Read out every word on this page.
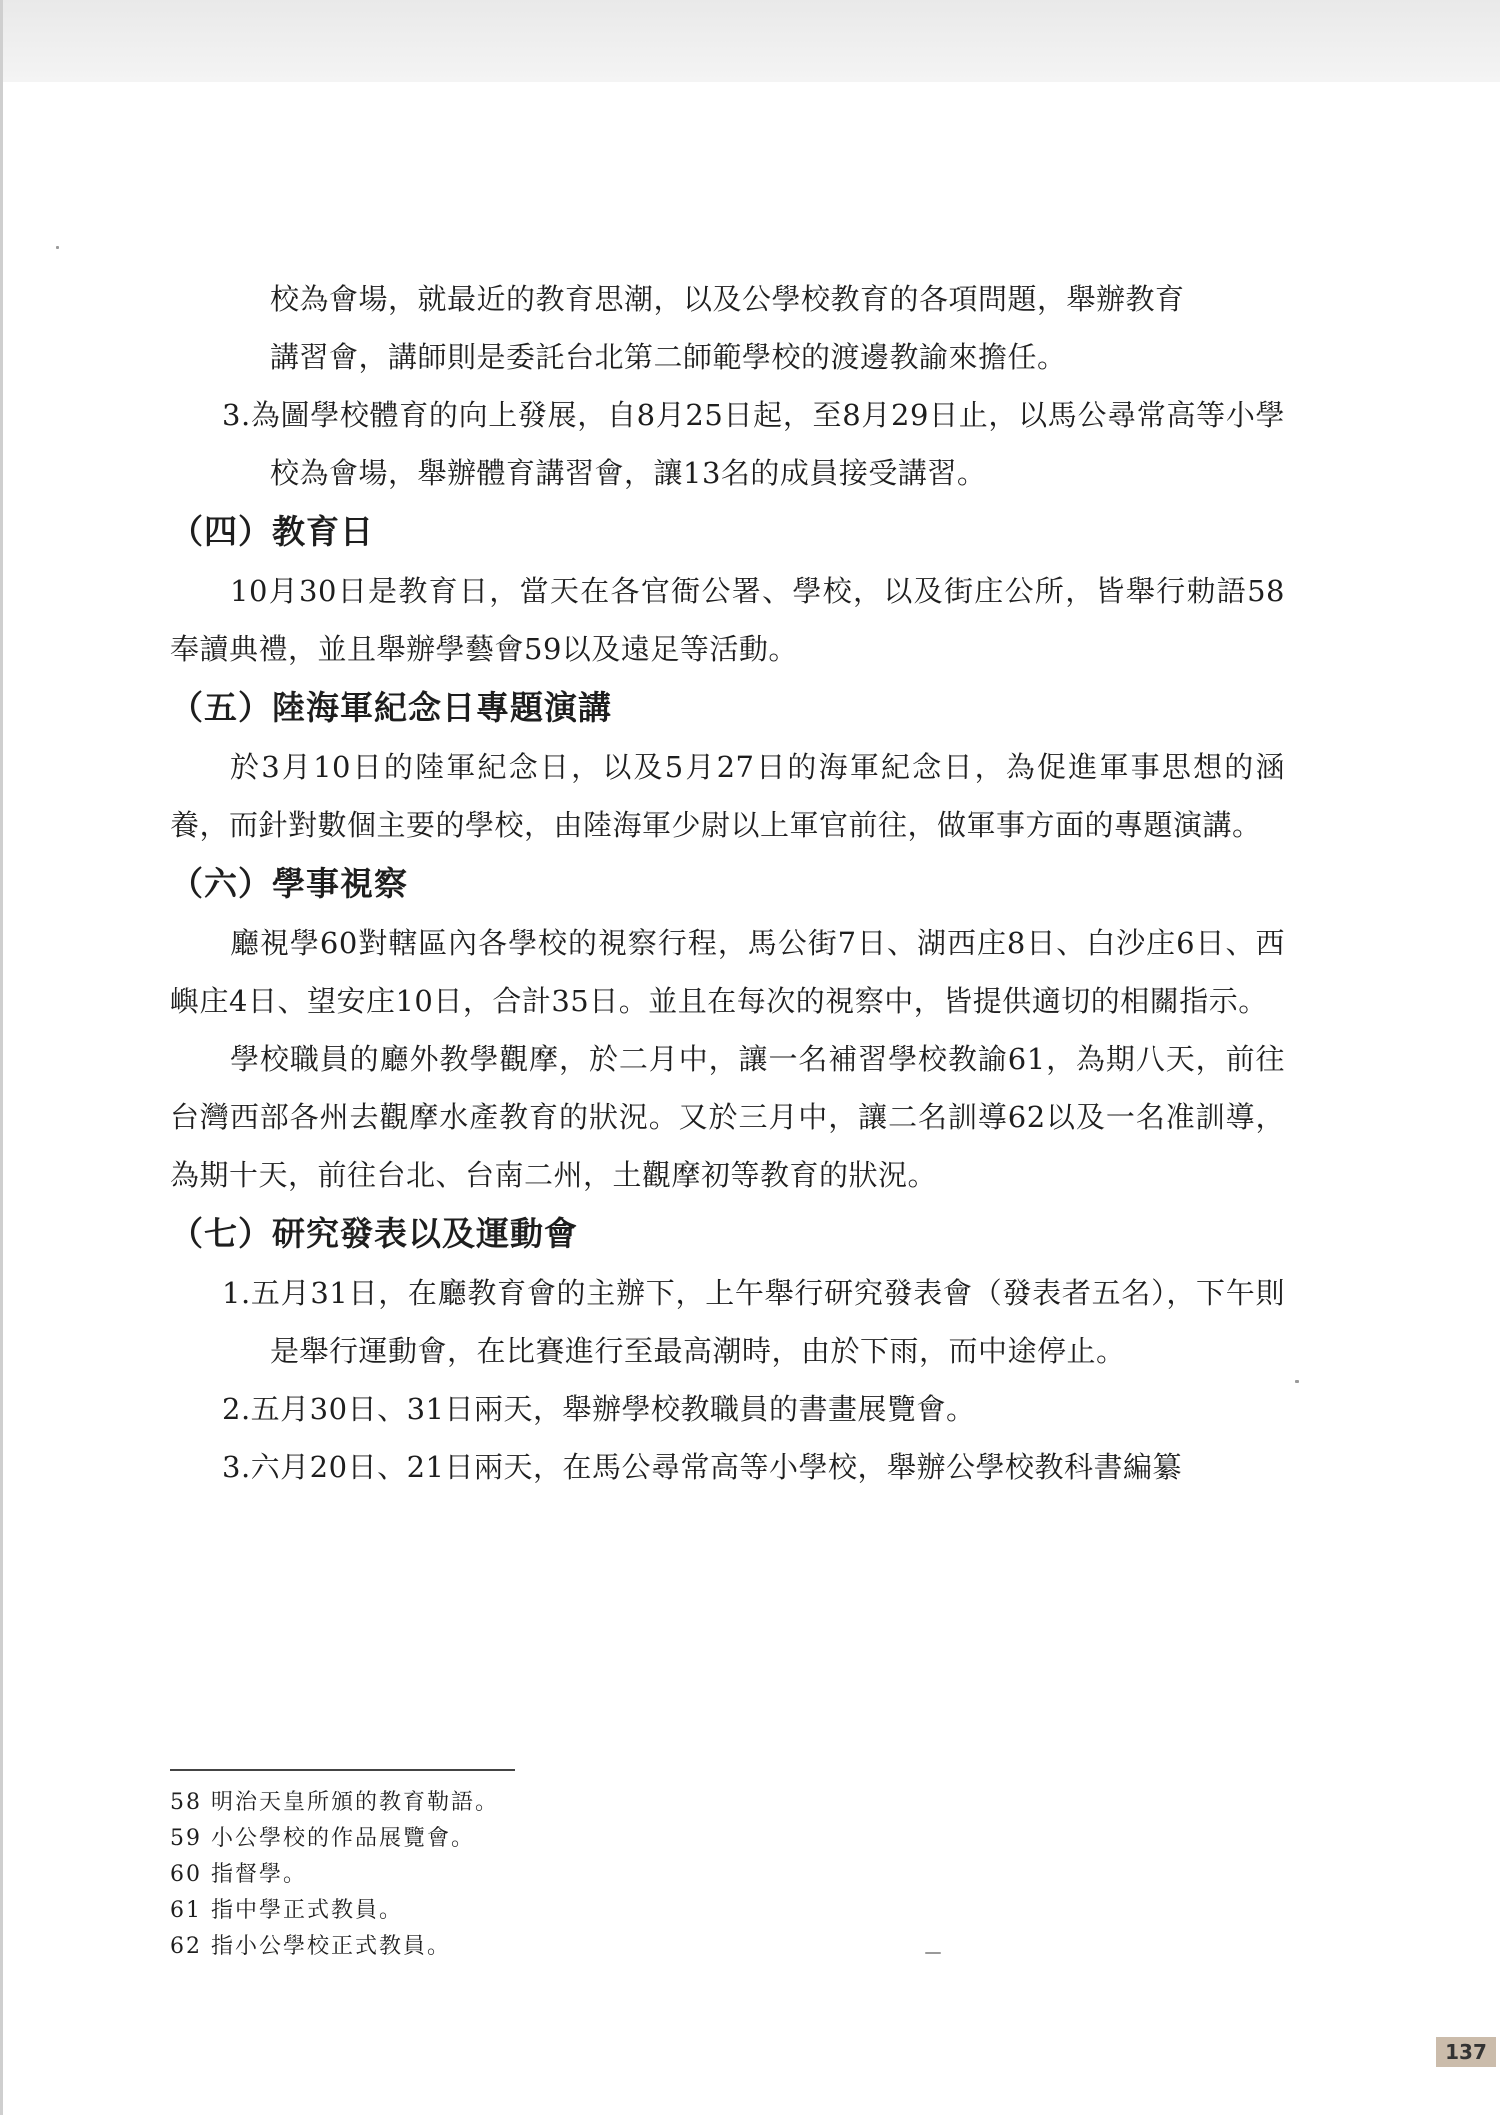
校為會場，就最近的教育思潮，以及公學校教育的各項問題，舉辦教育

講習會，講師則是委託台北第二師範學校的渡邊教諭來擔任。

3.為圖學校體育的向上發展，自8月25日起，至8月29日止，以馬公尋常高等小學校為會場，舉辦體育講習會，讓13名的成員接受講習。

（四）教育日

10月30日是教育日，當天在各官衙公署、學校，以及街庄公所，皆舉行勅語58奉讀典禮，並且舉辦學藝會59以及遠足等活動。

（五）陸海軍紀念日專題演講

於3月10日的陸軍紀念日，以及5月27日的海軍紀念日，為促進軍事思想的涵養，而針對數個主要的學校，由陸海軍少尉以上軍官前往，做軍事方面的專題演講。

（六）學事視察

廳視學60對轄區內各學校的視察行程，馬公街7日、湖西庄8日、白沙庄6日、西嶼庄4日、望安庄10日，合計35日。並且在每次的視察中，皆提供適切的相關指示。

學校職員的廳外教學觀摩，於二月中，讓一名補習學校教諭61，為期八天，前往台灣西部各州去觀摩水產教育的狀況。又於三月中，讓二名訓導62以及一名准訓導，為期十天，前往台北、台南二州，土觀摩初等教育的狀況。

（七）研究發表以及運動會

1.五月31日，在廳教育會的主辦下，上午舉行研究發表會（發表者五名），下午則是舉行運動會，在比賽進行至最高潮時，由於下雨，而中途停止。

2.五月30日、31日兩天，舉辦學校教職員的書畫展覽會。

3.六月20日、21日兩天，在馬公尋常高等小學校，舉辦公學校教科書編纂

58 明治天皇所頒的教育勒語。

59 小公學校的作品展覽會。

60 指督學。

61 指中學正式教員。

62 指小公學校正式教員。

137
